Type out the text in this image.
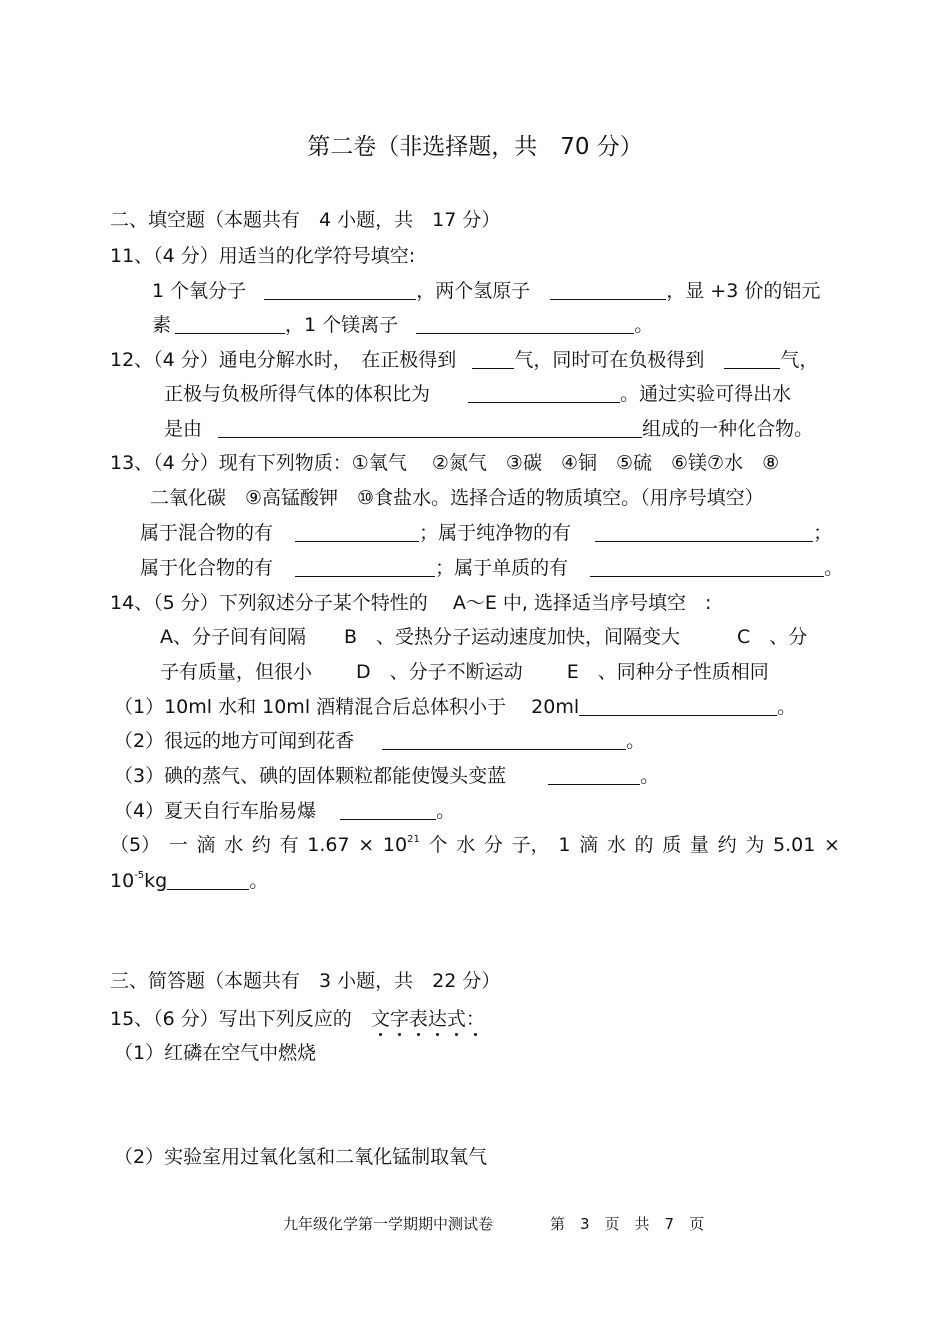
第二卷（非选择题，共　70 分）
二、填空题（本题共有　4 小题，共　17 分）
11、（4 分）用适当的化学符号填空:
1 个氧分子	，两个氢原子	，显 +3 价的铝元
素	，1 个镁离子	。
12、（4 分）通电分解水时，　在正极得到	气，同时可在负极得到	气，
正极与负极所得气体的体积比为	。通过实验可得出水
是由	组成的一种化合物。
13、（4 分）现有下列物质：①氧气　 ②氮气　③碳　④铜　⑤硫　⑥镁⑦水　⑧
二氧化碳　⑨高锰酸钾　⑩食盐水。选择合适的物质填空。（用序号填空）
属于混合物的有	；属于纯净物的有	；
属于化合物的有	；属于单质的有	。
14、（5 分）下列叙述分子某个特性的　 A～E 中, 选择适当序号填空　:
A、分子间有间隔　　B　、受热分子运动速度加快，间隔变大　　　C　、分
子有质量，但很小　　 D　、分子不断运动　　 E　、同种分子性质相同
（1）10ml 水和 10ml 酒精混合后总体积小于　 20ml	。
（2）很远的地方可闻到花香	。
（3）碘的蒸气、碘的固体颗粒都能使馒头变蓝	。
（4）夏天自行车胎易爆	。
（5） 一 滴 水 约 有 $1.67 \times 10^{21}$ 个 水 分 子， 1 滴 水 的 质 量 约 为 5.01 ×
$10^{-5}kg$	。
三、简答题（本题共有　3 小题，共　22 分）
15、（6 分）写出下列反应的　文字表达式：
（1）红磷在空气中燃烧
（2）实验室用过氧化氢和二氧化锰制取氧气
九年级化学第一学期期中测试卷	第　3　页　共　7　页
